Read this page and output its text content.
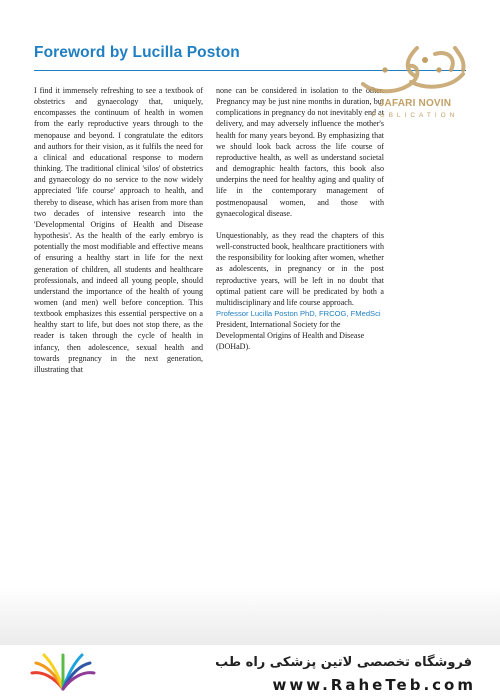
Foreword by Lucilla Poston

I find it immensely refreshing to see a textbook of obstetrics and gynaecology that, uniquely, encompasses the continuum of health in women from the early reproductive years through to the menopause and beyond. I congratulate the editors and authors for their vision, as it fulfils the need for a clinical and educational response to modern thinking. The traditional clinical 'silos' of obstetrics and gynaecology do no service to the now widely appreciated 'life course' approach to health, and thereby to disease, which has arisen from more than two decades of intensive research into the 'Developmental Origins of Health and Disease hypothesis'. As the health of the early embryo is potentially the most modifiable and effective means of ensuring a healthy start in life for the next generation of children, all students and healthcare professionals, and indeed all young people, should understand the importance of the health of young women (and men) well before conception. This textbook emphasizes this essential perspective on a healthy start to life, but does not stop there, as the reader is taken through the cycle of health in infancy, then adolescence, sexual health and towards pregnancy in the next generation, illustrating that

none can be considered in isolation to the other. Pregnancy may be just nine months in duration, but complications in pregnancy do not inevitably end at delivery, and may adversely influence the mother's health for many years beyond. By emphasizing that we should look back across the life course of reproductive health, as well as understand societal and demographic health factors, this book also underpins the need for healthy aging and quality of life in the contemporary management of postmenopausal women, and those with gynaecological disease.

Unquestionably, as they read the chapters of this well-constructed book, healthcare practitioners with the responsibility for looking after women, whether as adolescents, in pregnancy or in the post reproductive years, will be left in no doubt that optimal patient care will be predicated by both a multidisciplinary and life course approach.

Professor Lucilla Poston PhD, FRCOG, FMedSci

President, International Society for the Developmental Origins of Health and Disease (DOHaD).

JAFARI NOVIN
PUBLICATION
فروشگاه تخصصی لاتین پزشکی راه طب
www.RaheTeb.com
